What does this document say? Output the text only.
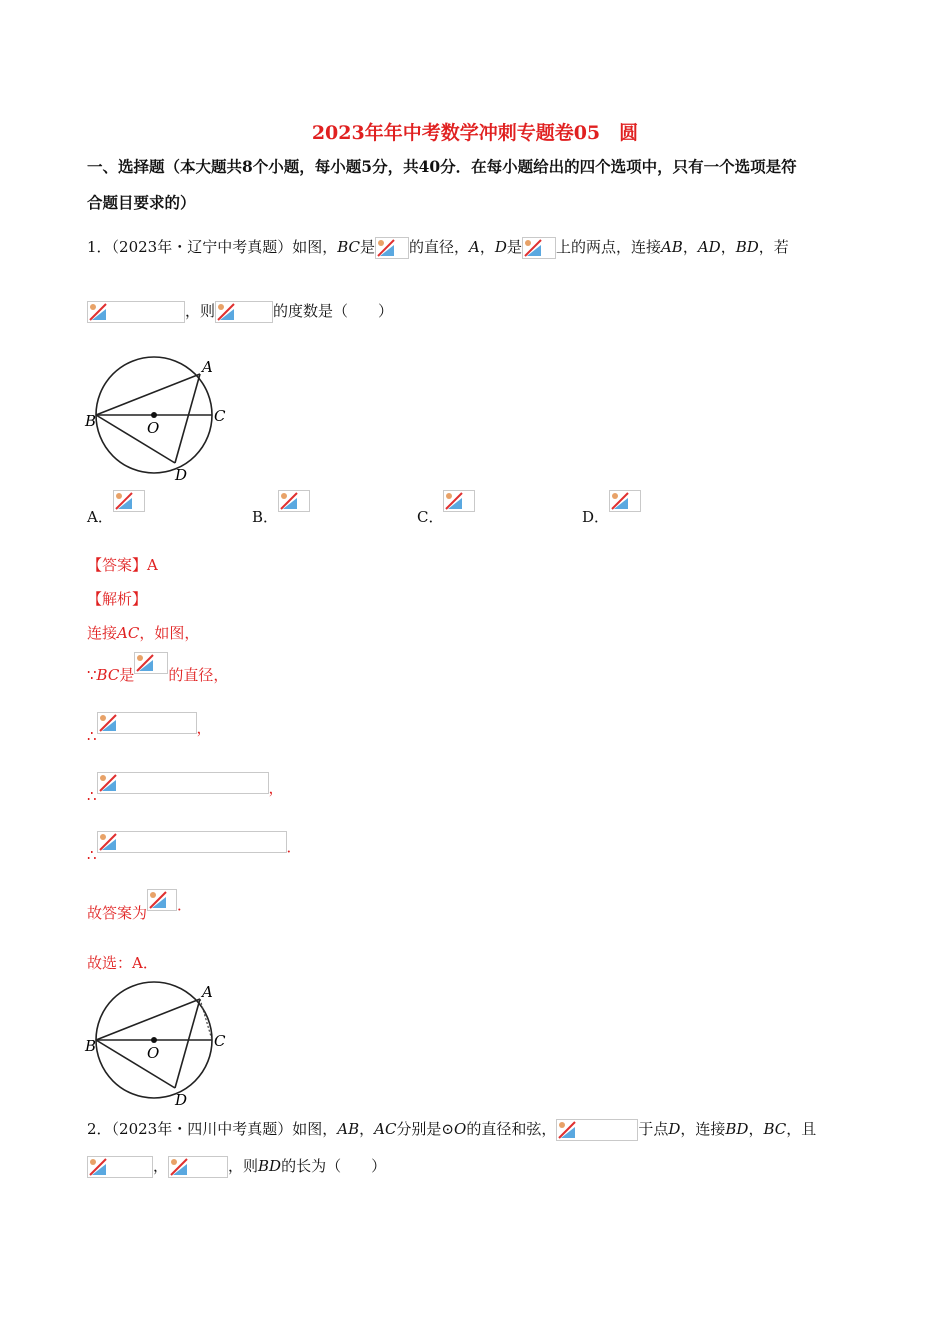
2023年年中考数学冲刺专题卷05　圆
一、选择题（本大题共8个小题，每小题5分，共40分．在每小题给出的四个选项中，只有一个选项是符
合题目要求的）
1．（2023年・辽宁中考真题）如图，BC是 的直径，A，D是 上的两点，连接AB，AD，BD，若
，则	的度数是（　　）
A
B	C
O
D
A．	B．	C．	D．
【答案】A
【解析】
连接AC，如图，
∵BC是 的直径，
∴	，
∴	，
∴	．
故答案为 ．
故选：A．
A
B	C
O
D
2．（2023年・四川中考真题）如图，AB，AC分别是⊙O的直径和弦，	于点D，连接BD，BC，且
，	，则BD的长为（　　）
